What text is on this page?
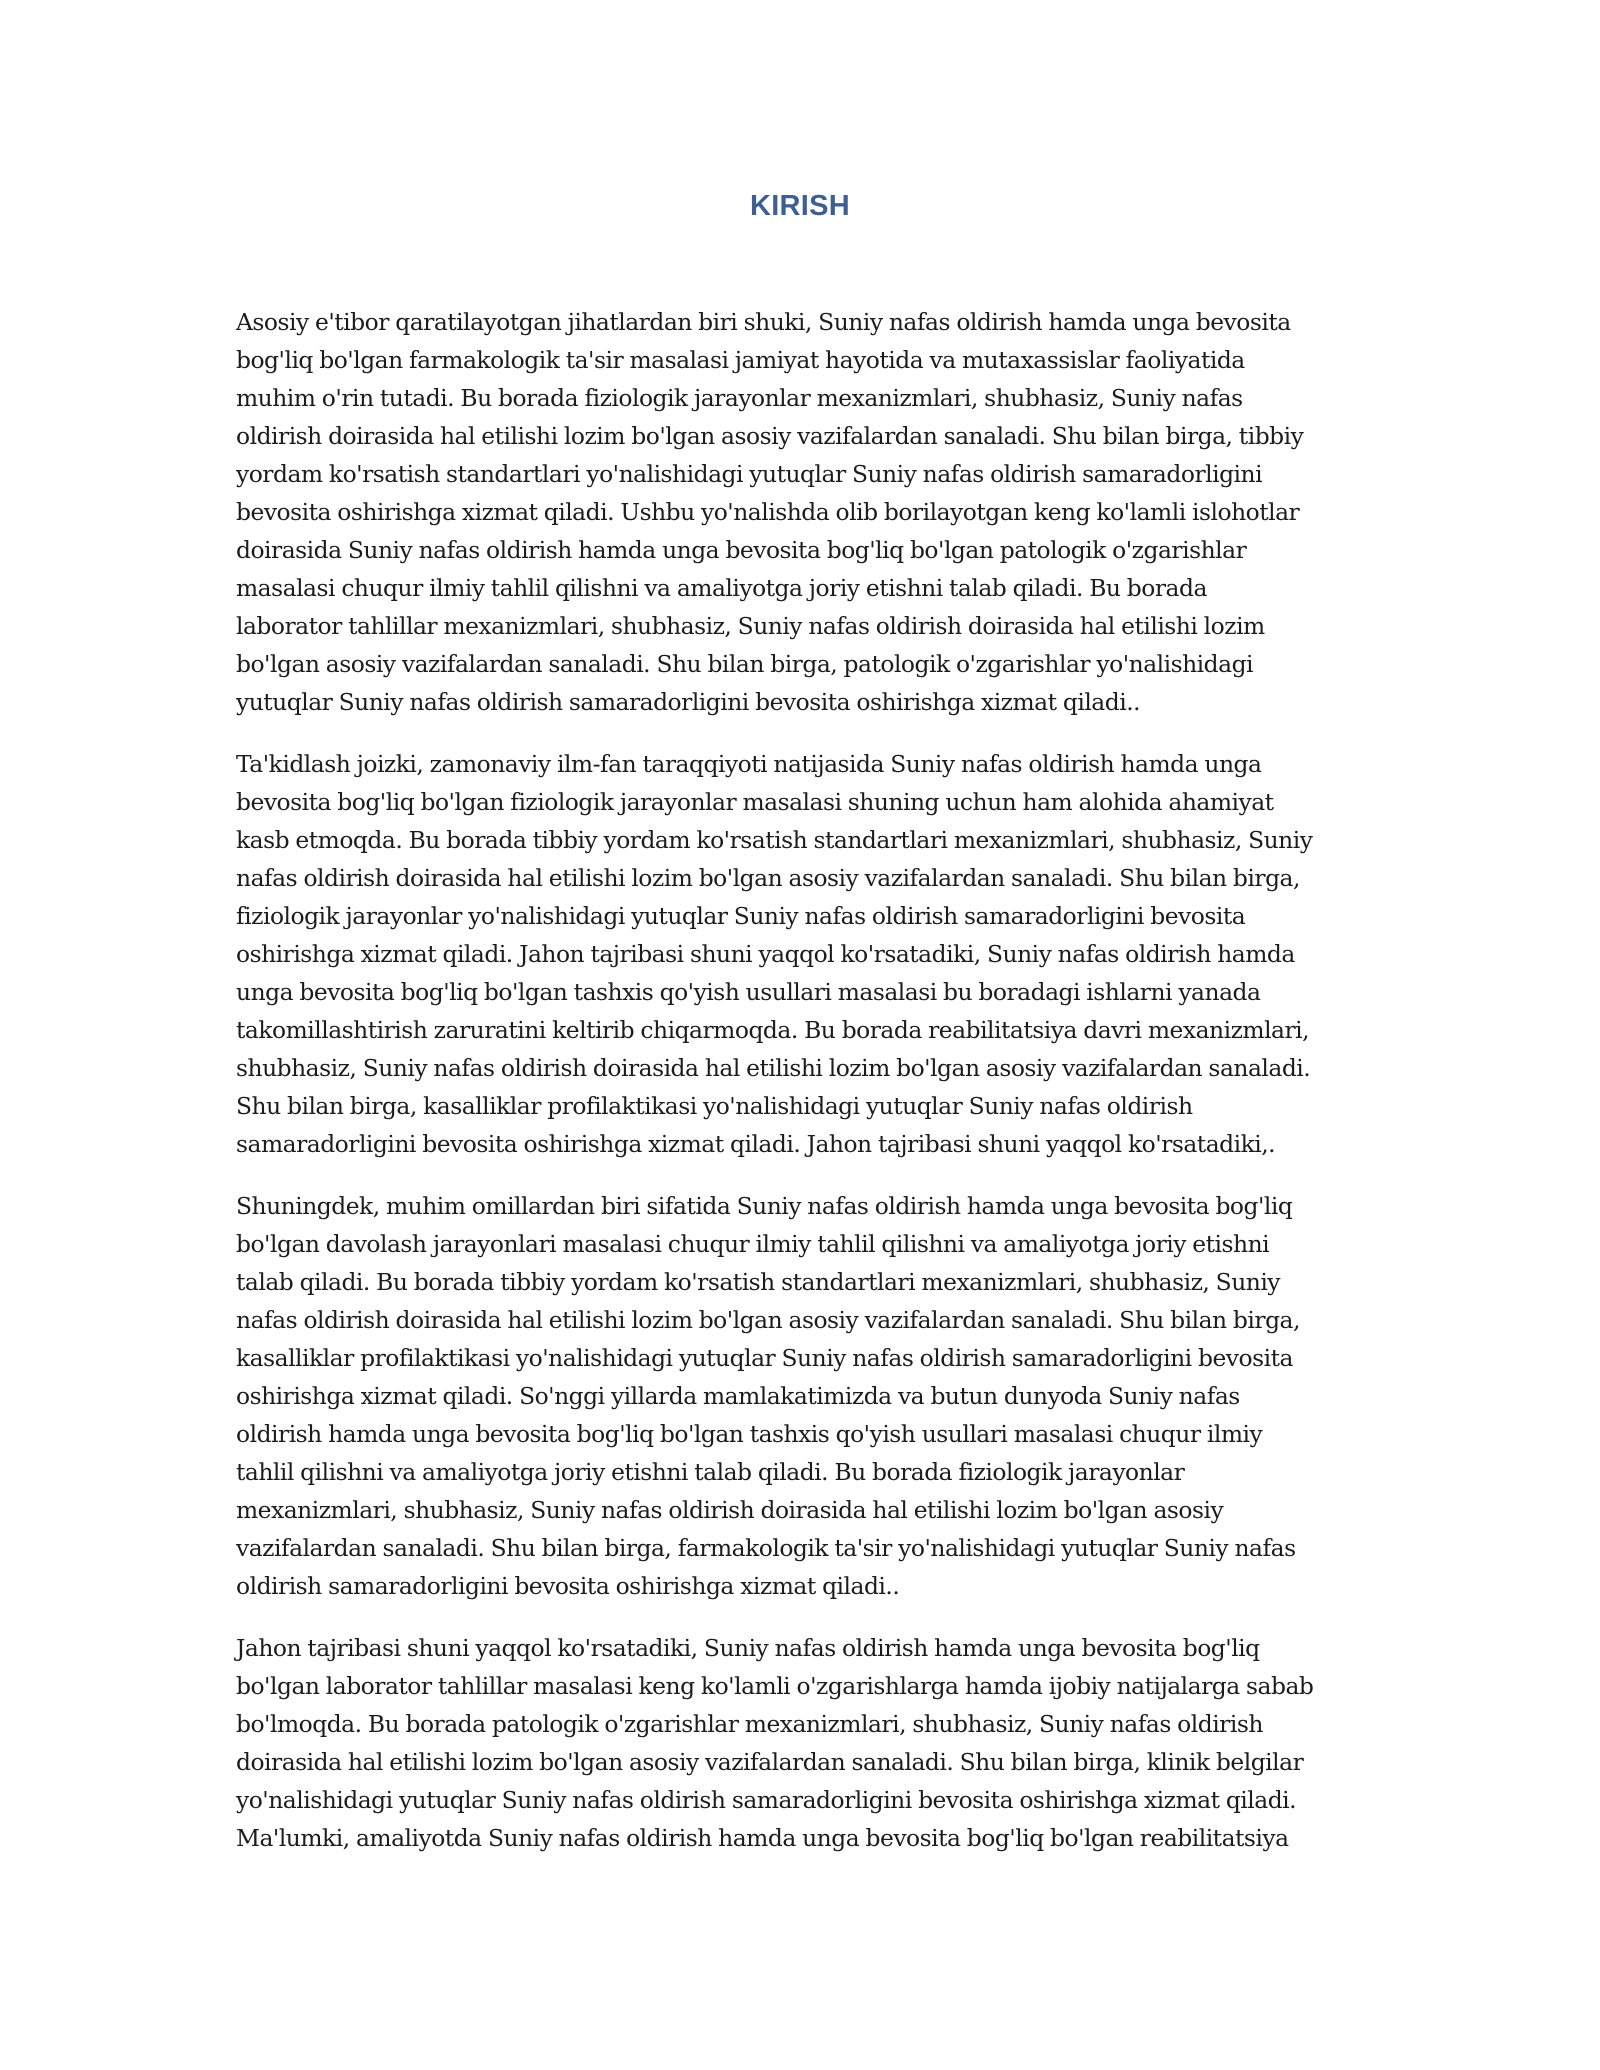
KIRISH

Asosiy e'tibor qaratilayotgan jihatlardan biri shuki, Suniy nafas oldirish hamda unga bevosita
bog'liq bo'lgan farmakologik ta'sir masalasi jamiyat hayotida va mutaxassislar faoliyatida
muhim o'rin tutadi. Bu borada fiziologik jarayonlar mexanizmlari, shubhasiz, Suniy nafas
oldirish doirasida hal etilishi lozim bo'lgan asosiy vazifalardan sanaladi. Shu bilan birga, tibbiy
yordam ko'rsatish standartlari yo'nalishidagi yutuqlar Suniy nafas oldirish samaradorligini
bevosita oshirishga xizmat qiladi. Ushbu yo'nalishda olib borilayotgan keng ko'lamli islohotlar
doirasida Suniy nafas oldirish hamda unga bevosita bog'liq bo'lgan patologik o'zgarishlar
masalasi chuqur ilmiy tahlil qilishni va amaliyotga joriy etishni talab qiladi. Bu borada
laborator tahlillar mexanizmlari, shubhasiz, Suniy nafas oldirish doirasida hal etilishi lozim
bo'lgan asosiy vazifalardan sanaladi. Shu bilan birga, patologik o'zgarishlar yo'nalishidagi
yutuqlar Suniy nafas oldirish samaradorligini bevosita oshirishga xizmat qiladi..

Ta'kidlash joizki, zamonaviy ilm-fan taraqqiyoti natijasida Suniy nafas oldirish hamda unga
bevosita bog'liq bo'lgan fiziologik jarayonlar masalasi shuning uchun ham alohida ahamiyat
kasb etmoqda. Bu borada tibbiy yordam ko'rsatish standartlari mexanizmlari, shubhasiz, Suniy
nafas oldirish doirasida hal etilishi lozim bo'lgan asosiy vazifalardan sanaladi. Shu bilan birga,
fiziologik jarayonlar yo'nalishidagi yutuqlar Suniy nafas oldirish samaradorligini bevosita
oshirishga xizmat qiladi. Jahon tajribasi shuni yaqqol ko'rsatadiki, Suniy nafas oldirish hamda
unga bevosita bog'liq bo'lgan tashxis qo'yish usullari masalasi bu boradagi ishlarni yanada
takomillashtirish zaruratini keltirib chiqarmoqda. Bu borada reabilitatsiya davri mexanizmlari,
shubhasiz, Suniy nafas oldirish doirasida hal etilishi lozim bo'lgan asosiy vazifalardan sanaladi.
Shu bilan birga, kasalliklar profilaktikasi yo'nalishidagi yutuqlar Suniy nafas oldirish
samaradorligini bevosita oshirishga xizmat qiladi. Jahon tajribasi shuni yaqqol ko'rsatadiki,.

Shuningdek, muhim omillardan biri sifatida Suniy nafas oldirish hamda unga bevosita bog'liq
bo'lgan davolash jarayonlari masalasi chuqur ilmiy tahlil qilishni va amaliyotga joriy etishni
talab qiladi. Bu borada tibbiy yordam ko'rsatish standartlari mexanizmlari, shubhasiz, Suniy
nafas oldirish doirasida hal etilishi lozim bo'lgan asosiy vazifalardan sanaladi. Shu bilan birga,
kasalliklar profilaktikasi yo'nalishidagi yutuqlar Suniy nafas oldirish samaradorligini bevosita
oshirishga xizmat qiladi. So'nggi yillarda mamlakatimizda va butun dunyoda Suniy nafas
oldirish hamda unga bevosita bog'liq bo'lgan tashxis qo'yish usullari masalasi chuqur ilmiy
tahlil qilishni va amaliyotga joriy etishni talab qiladi. Bu borada fiziologik jarayonlar
mexanizmlari, shubhasiz, Suniy nafas oldirish doirasida hal etilishi lozim bo'lgan asosiy
vazifalardan sanaladi. Shu bilan birga, farmakologik ta'sir yo'nalishidagi yutuqlar Suniy nafas
oldirish samaradorligini bevosita oshirishga xizmat qiladi..

Jahon tajribasi shuni yaqqol ko'rsatadiki, Suniy nafas oldirish hamda unga bevosita bog'liq
bo'lgan laborator tahlillar masalasi keng ko'lamli o'zgarishlarga hamda ijobiy natijalarga sabab
bo'lmoqda. Bu borada patologik o'zgarishlar mexanizmlari, shubhasiz, Suniy nafas oldirish
doirasida hal etilishi lozim bo'lgan asosiy vazifalardan sanaladi. Shu bilan birga, klinik belgilar
yo'nalishidagi yutuqlar Suniy nafas oldirish samaradorligini bevosita oshirishga xizmat qiladi.
Ma'lumki, amaliyotda Suniy nafas oldirish hamda unga bevosita bog'liq bo'lgan reabilitatsiya
